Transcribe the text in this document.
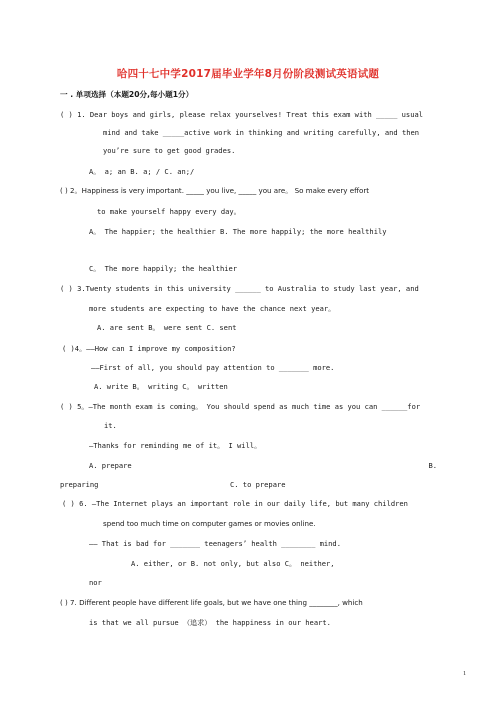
哈四十七中学2017届毕业学年8月份阶段测试英语试题
一 . 单项选择（本题20分,每小题1分）
( ) 1. Dear boys and girls, please relax yourselves! Treat this exam with _____ usual
mind and take _____active work in thinking and writing carefully, and then
you’re sure to get good grades.
A。 a; an B. a; / C. an;/
( ) 2。Happiness is very important. _____ you live, _____ you are。 So make every effort
to make yourself happy every day。
A。 The happier; the healthier B. The more happily; the more healthily
C。 The more happily; the healthier
( ) 3.Twenty students in this university ______ to Australia to study last year, and
more students are expecting to have the chance next year。
A. are sent B。 were sent C. sent
( )4。——How can I improve my composition?
——First of all, you should pay attention to _______ more.
A. write B。 writing C。 written
( ) 5。—The month exam is coming。 You should spend as much time as you can ______for
it.
—Thanks for reminding me of it。 I will。
A. prepare	B.
preparing	C. to prepare
( ) 6. —The Internet plays an important role in our daily life, but many children
spend too much time on computer games or movies online.
—— That is bad for _______ teenagers’ health ________ mind.
A. either, or B. not only, but also C。 neither,
nor
( ) 7. Different people have different life goals, but we have one thing ________, which
is that we all pursue （追求） the happiness in our heart.
1
